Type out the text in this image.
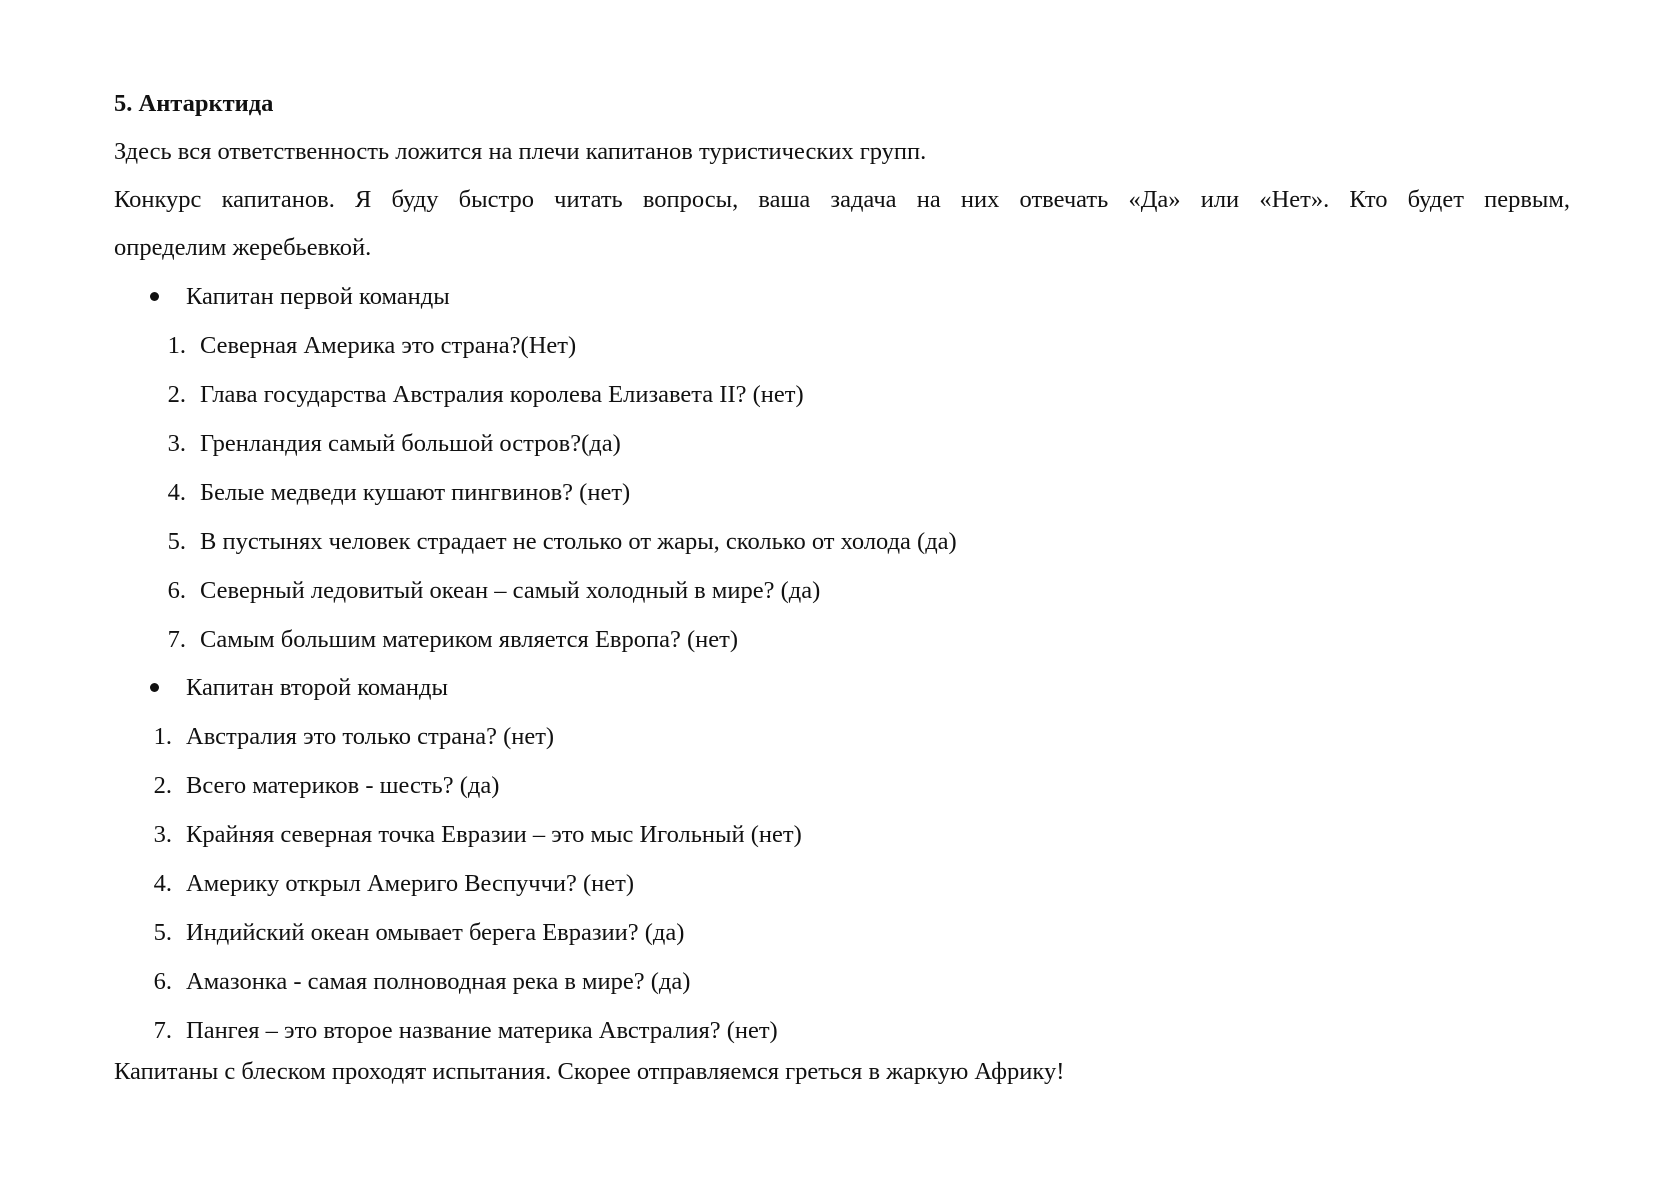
5. Антарктида
Здесь вся ответственность ложится на плечи капитанов туристических групп.
Конкурс капитанов. Я буду быстро читать вопросы, ваша задача на них отвечать «Да» или «Нет». Кто будет первым,
определим жеребьевкой.
Капитан первой команды
1. Северная Америка это страна?(Нет)
2. Глава государства Австралия королева Елизавета II? (нет)
3. Гренландия самый большой остров?(да)
4. Белые медведи кушают пингвинов? (нет)
5. В пустынях человек страдает не столько от жары, сколько от холода (да)
6. Северный ледовитый океан – самый холодный в мире? (да)
7. Самым большим материком является Европа? (нет)
Капитан второй команды
1. Австралия это только страна? (нет)
2. Всего материков - шесть? (да)
3. Крайняя северная точка Евразии – это мыс Игольный (нет)
4. Америку открыл Америго Веспуччи? (нет)
5. Индийский океан омывает берега Евразии? (да)
6. Амазонка - самая полноводная река в мире? (да)
7. Пангея – это второе название материка Австралия? (нет)
Капитаны с блеском проходят испытания. Скорее отправляемся греться в жаркую Африку!
